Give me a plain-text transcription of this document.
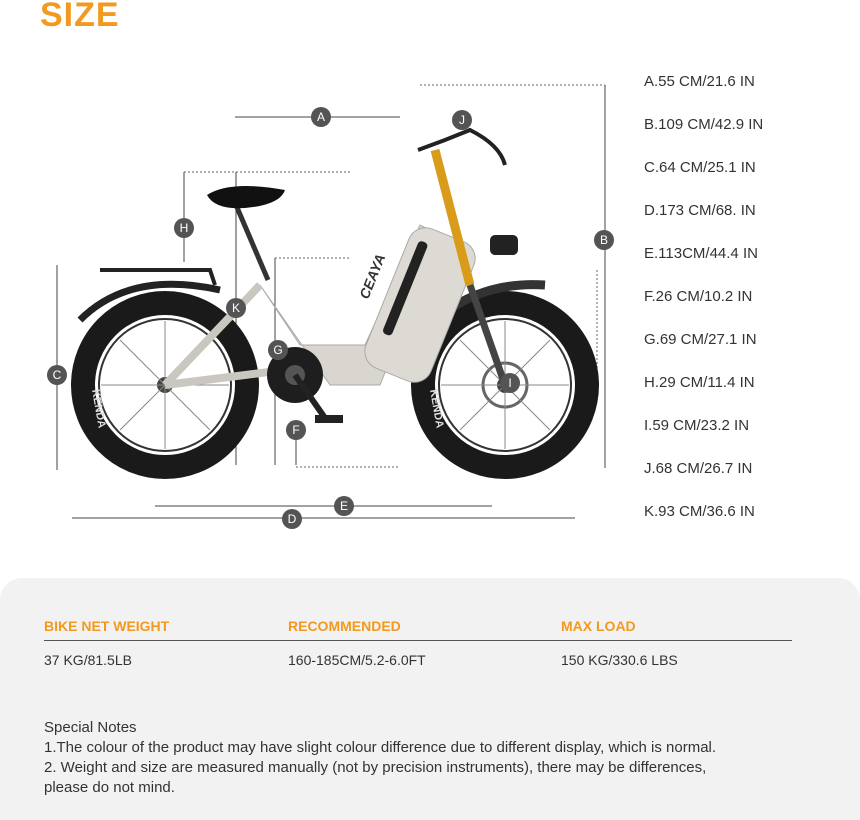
SIZE
KENDA	KENDA
CEAYA
A
B
C
D
E
F
G
H
I
J
K
A.55 CM/21.6 IN
B.109 CM/42.9 IN
C.64 CM/25.1 IN
D.173 CM/68. IN
E.113CM/44.4 IN
F.26 CM/10.2 IN
G.69 CM/27.1 IN
H.29 CM/11.4 IN
I.59 CM/23.2 IN
J.68 CM/26.7 IN
K.93 CM/36.6 IN
BIKE NET WEIGHT	RECOMMENDED	MAX LOAD
37 KG/81.5LB	160-185CM/5.2-6.0FT	150 KG/330.6 LBS
Special Notes
1.The colour of the product may have slight colour difference due to different display, which is normal.
2. Weight and size are measured manually (not by precision instruments), there may be differences,
please do not mind.
